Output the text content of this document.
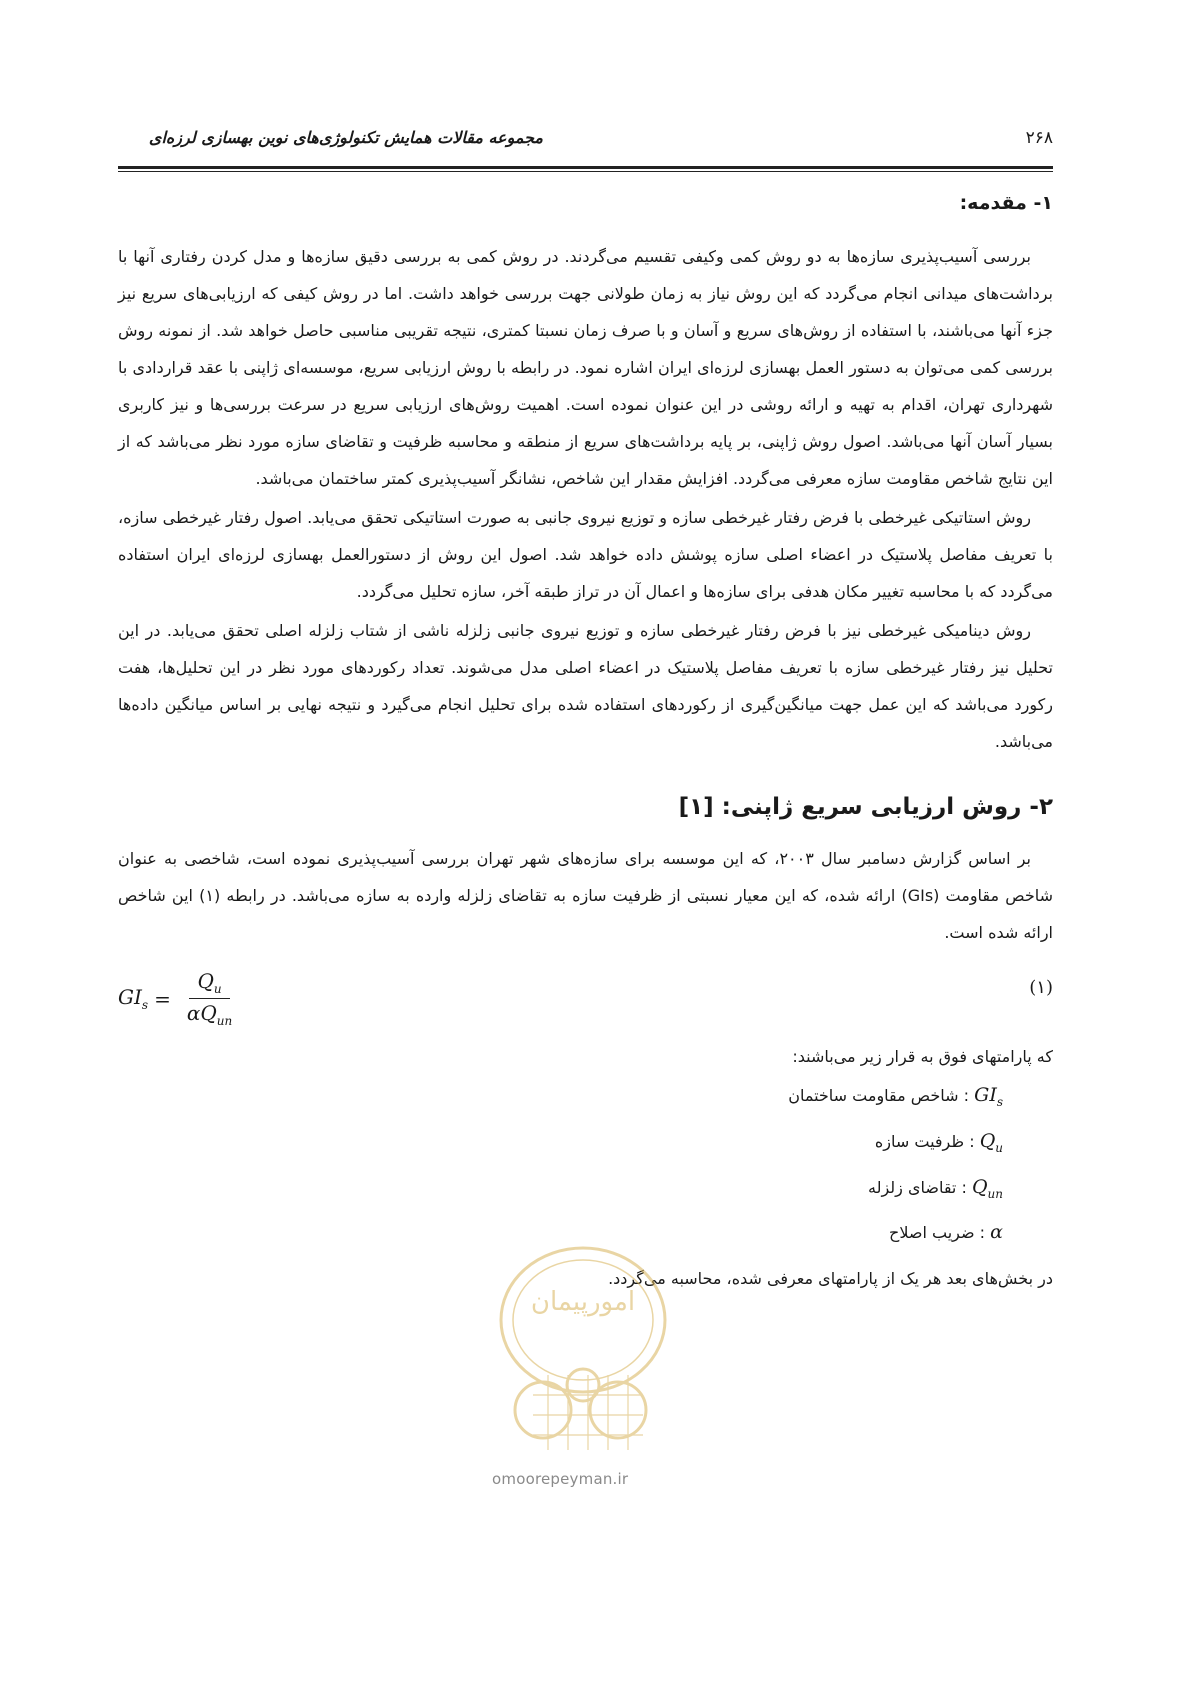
مجموعه مقالات همایش تکنولوژی‌های نوین بهسازی لرزه‌ای	۲۶۸
۱- مقدمه:

بررسی آسیب‌پذیری سازه‌ها به دو روش کمی وکیفی تقسیم می‌گردند. در روش کمی به بررسی دقیق سازه‌ها و مدل کردن رفتاری آنها با برداشت‌های میدانی انجام می‌گردد که این روش نیاز به زمان طولانی جهت بررسی خواهد داشت. اما در روش کیفی که ارزیابی‌های سریع نیز جزء آنها می‌باشند، با استفاده از روش‌های سریع و آسان و با صرف زمان نسبتا کمتری، نتیجه تقریبی مناسبی حاصل خواهد شد. از نمونه روش بررسی کمی می‌توان به دستور العمل بهسازی لرزه‌ای ایران اشاره نمود. در رابطه با روش ارزیابی سریع، موسسه‌ای ژاپنی با عقد قراردادی با شهرداری تهران، اقدام به تهیه و ارائه روشی در این عنوان نموده است. اهمیت روش‌های ارزیابی سریع در سرعت بررسی‌ها و نیز کاربری بسیار آسان آنها می‌باشد. اصول روش ژاپنی، بر پایه برداشت‌های سریع از منطقه و محاسبه ظرفیت و تقاضای سازه مورد نظر می‌باشد که از این نتایج شاخص مقاومت سازه معرفی می‌گردد. افزایش مقدار این شاخص، نشانگر آسیب‌پذیری کمتر ساختمان می‌باشد.

روش استاتیکی غیرخطی با فرض رفتار غیرخطی سازه و توزیع نیروی جانبی به صورت استاتیکی تحقق می‌یابد. اصول رفتار غیرخطی سازه، با تعریف مفاصل پلاستیک در اعضاء اصلی سازه پوشش داده خواهد شد. اصول این روش از دستورالعمل بهسازی لرزه‌ای ایران استفاده می‌گردد که با محاسبه تغییر مکان هدفی برای سازه‌ها و اعمال آن در تراز طبقه آخر، سازه تحلیل می‌گردد.

روش دینامیکی غیرخطی نیز با فرض رفتار غیرخطی سازه و توزیع نیروی جانبی زلزله ناشی از شتاب زلزله اصلی تحقق می‌یابد. در این تحلیل نیز رفتار غیرخطی سازه با تعریف مفاصل پلاستیک در اعضاء اصلی مدل می‌شوند. تعداد رکوردهای مورد نظر در این تحلیل‌ها، هفت رکورد می‌باشد که این عمل جهت میانگین‌گیری از رکوردهای استفاده شده برای تحلیل انجام می‌گیرد و نتیجه نهایی بر اساس میانگین داده‌ها می‌باشد.

۲- روش ارزیابی سریع ژاپنی: [۱]

بر اساس گزارش دسامبر سال ۲۰۰۳، که این موسسه برای سازه‌های شهر تهران بررسی آسیب‌پذیری نموده است، شاخصی به عنوان شاخص مقاومت (GIs) ارائه شده، که این معیار نسبتی از ظرفیت سازه به تقاضای زلزله وارده به سازه می‌باشد. در رابطه (۱) این شاخص ارائه شده است.

$GI_s = \frac{Q_u}{\alpha Q_{un}}$	(۱)

که پارامتهای فوق به قرار زیر می‌باشند:

$GI_s$ : شاخص مقاومت ساختمان

$Q_u$ : ظرفیت سازه

$Q_{un}$ : تقاضای زلزله

α : ضریب اصلاح

در بخش‌های بعد هر یک از پارامتهای معرفی شده، محاسبه می‌گردد.

امورپیمان
omoorepeyman.ir
